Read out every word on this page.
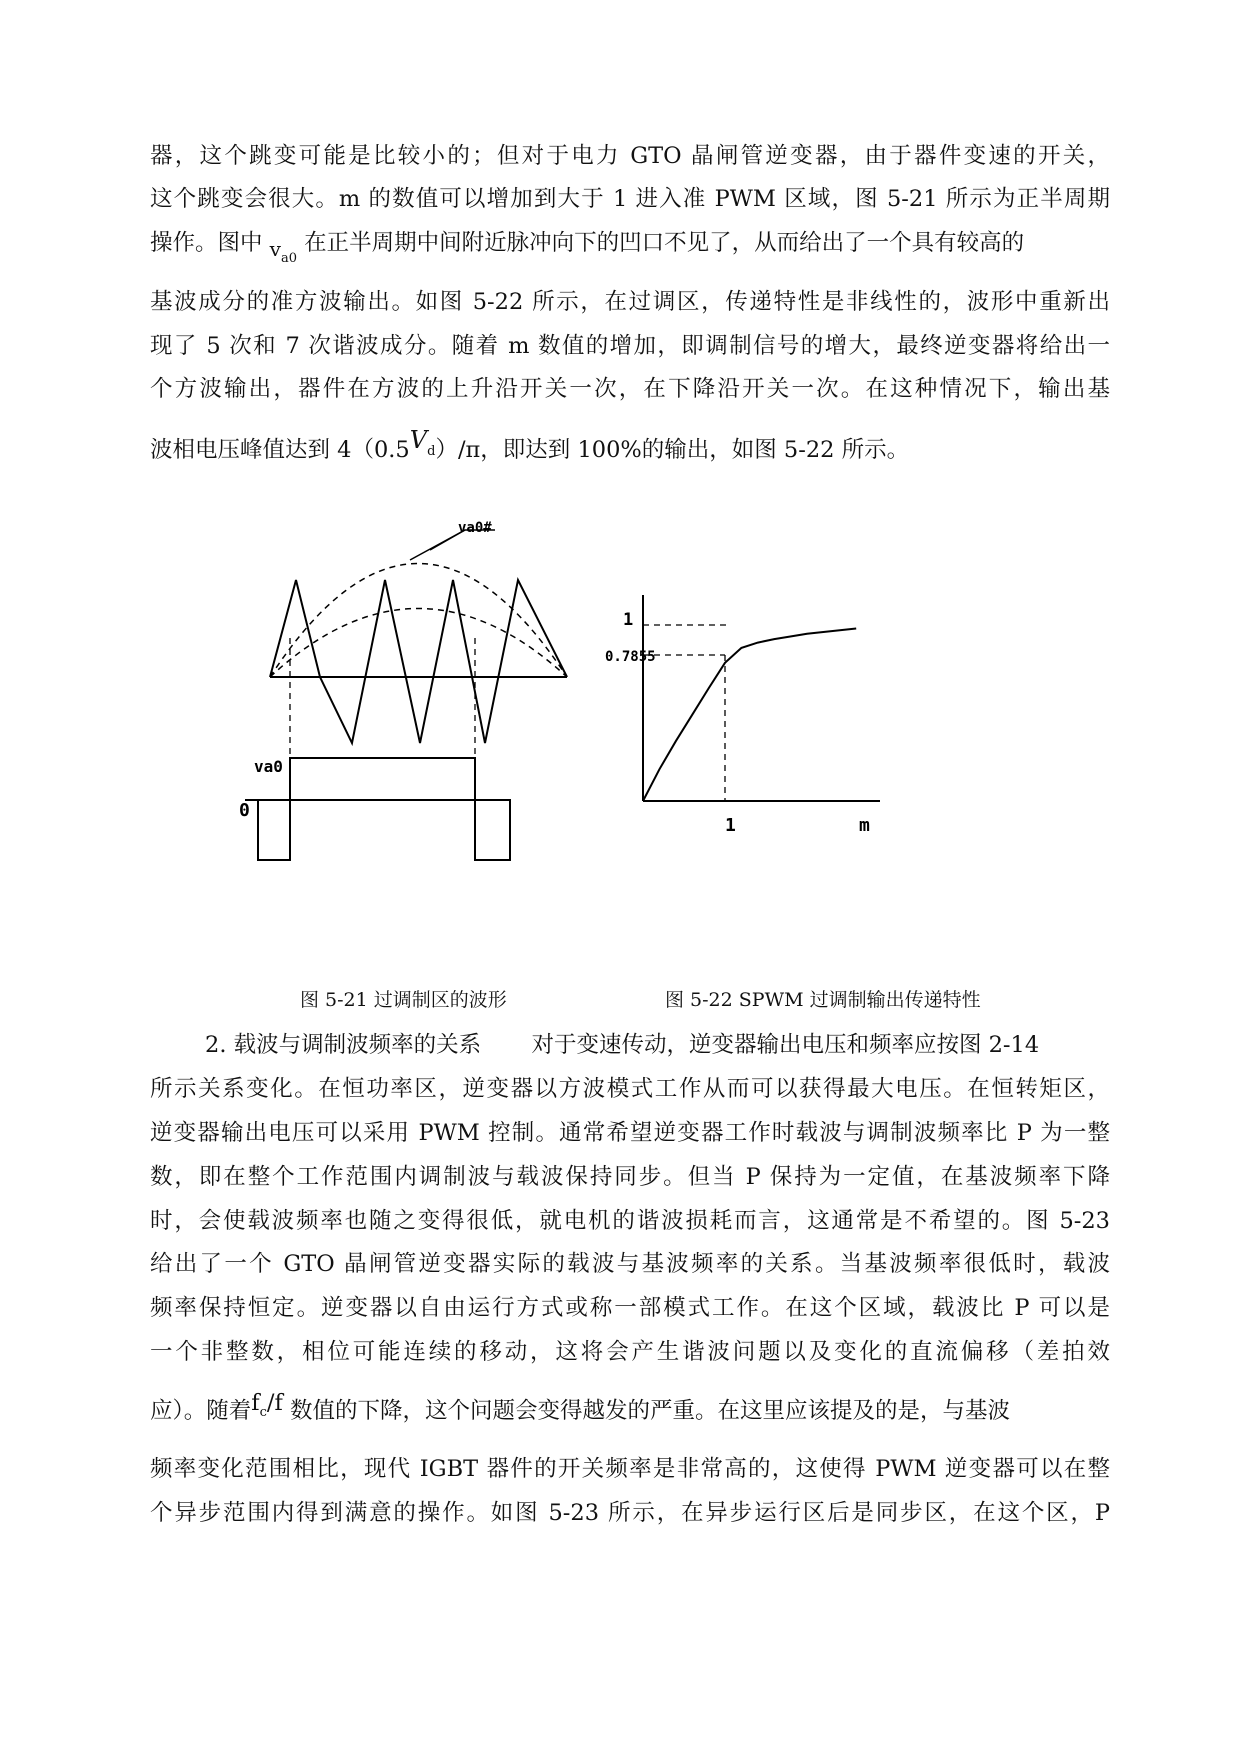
器，这个跳变可能是比较小的；但对于电力 GTO 晶闸管逆变器，由于器件变速的开关，
这个跳变会很大。m 的数值可以增加到大于 1 进入准 PWM 区域，图 5-21 所示为正半周期
操作。图中 $v_{a0}$ 在正半周期中间附近脉冲向下的凹口不见了，从而给出了一个具有较高的
基波成分的准方波输出。如图 5-22 所示，在过调区，传递特性是非线性的，波形中重新出
现了 5 次和 7 次谐波成分。随着 m 数值的增加，即调制信号的增大，最终逆变器将给出一
个方波输出，器件在方波的上升沿开关一次，在下降沿开关一次。在这种情况下，输出基
波相电压峰值达到 4（0.5Vd）/π，即达到 100%的输出，如图 5-22 所示。
va0#
va0
0
1
0.7855
1	m
图 5-21 过调制区的波形	图 5-22 SPWM 过调制输出传递特性
2. 载波与调制波频率的关系 对于变速传动，逆变器输出电压和频率应按图 2-14
所示关系变化。在恒功率区，逆变器以方波模式工作从而可以获得最大电压。在恒转矩区，
逆变器输出电压可以采用 PWM 控制。通常希望逆变器工作时载波与调制波频率比 P 为一整
数，即在整个工作范围内调制波与载波保持同步。但当 P 保持为一定值，在基波频率下降
时，会使载波频率也随之变得很低，就电机的谐波损耗而言，这通常是不希望的。图 5-23
给出了一个 GTO 晶闸管逆变器实际的载波与基波频率的关系。当基波频率很低时，载波
频率保持恒定。逆变器以自由运行方式或称一部模式工作。在这个区域，载波比 P 可以是
一个非整数，相位可能连续的移动，这将会产生谐波问题以及变化的直流偏移（差拍效
应）。随着fc/f 数值的下降，这个问题会变得越发的严重。在这里应该提及的是，与基波
频率变化范围相比，现代 IGBT 器件的开关频率是非常高的，这使得 PWM 逆变器可以在整
个异步范围内得到满意的操作。如图 5-23 所示，在异步运行区后是同步区，在这个区，P
